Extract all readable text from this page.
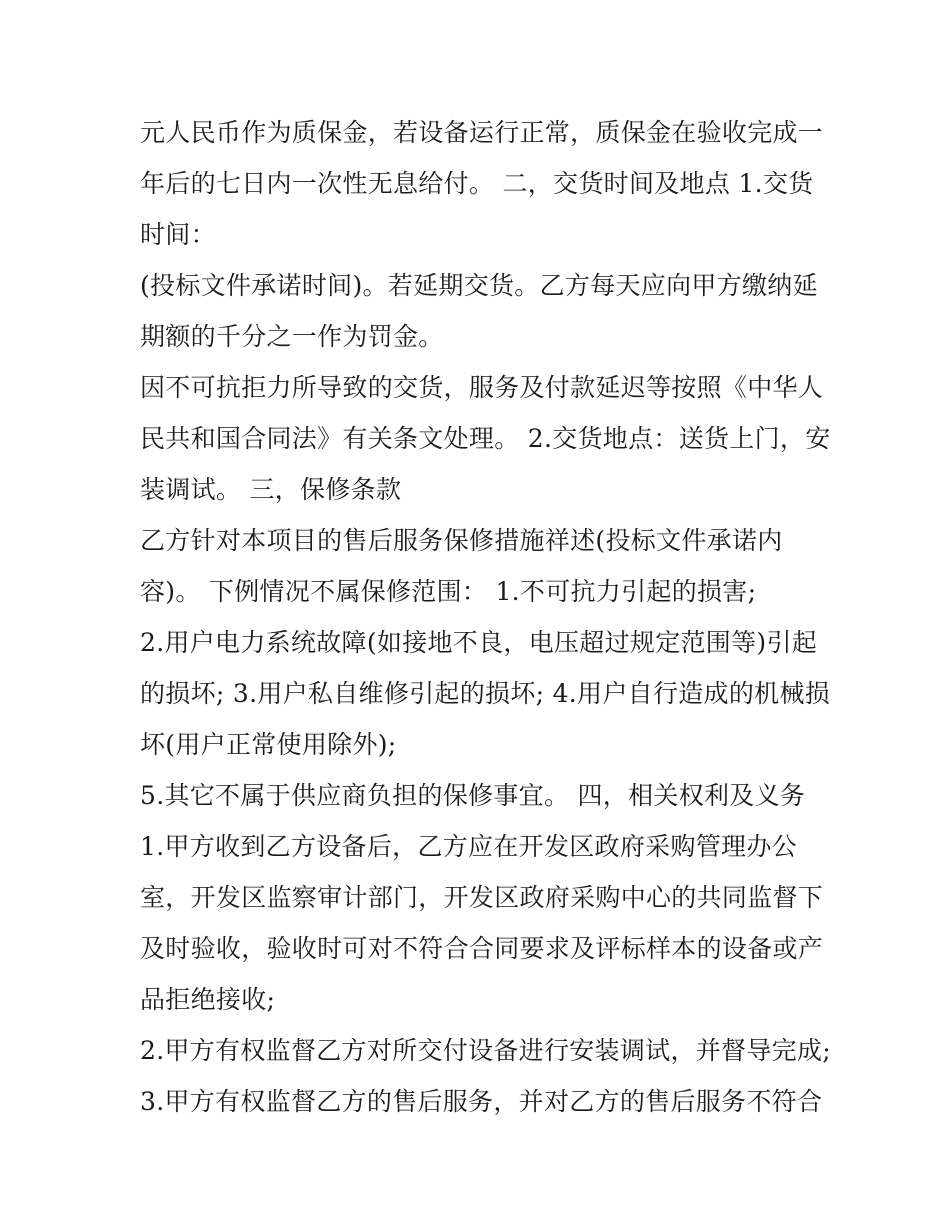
元人民币作为质保金，若设备运行正常，质保金在验收完成一
年后的七日内一次性无息给付。 二，交货时间及地点 1.交货
时间：
(投标文件承诺时间)。若延期交货。乙方每天应向甲方缴纳延
期额的千分之一作为罚金。
因不可抗拒力所导致的交货，服务及付款延迟等按照《中华人
民共和国合同法》有关条文处理。 2.交货地点：送货上门，安
装调试。 三，保修条款
乙方针对本项目的售后服务保修措施祥述(投标文件承诺内
容)。 下例情况不属保修范围： 1.不可抗力引起的损害;
2.用户电力系统故障(如接地不良，电压超过规定范围等)引起
的损坏; 3.用户私自维修引起的损坏; 4.用户自行造成的机械损
坏(用户正常使用除外);
5.其它不属于供应商负担的保修事宜。 四，相关权利及义务
1.甲方收到乙方设备后，乙方应在开发区政府采购管理办公
室，开发区监察审计部门，开发区政府采购中心的共同监督下
及时验收，验收时可对不符合合同要求及评标样本的设备或产
品拒绝接收;
2.甲方有权监督乙方对所交付设备进行安装调试，并督导完成;
3.甲方有权监督乙方的售后服务，并对乙方的售后服务不符合
